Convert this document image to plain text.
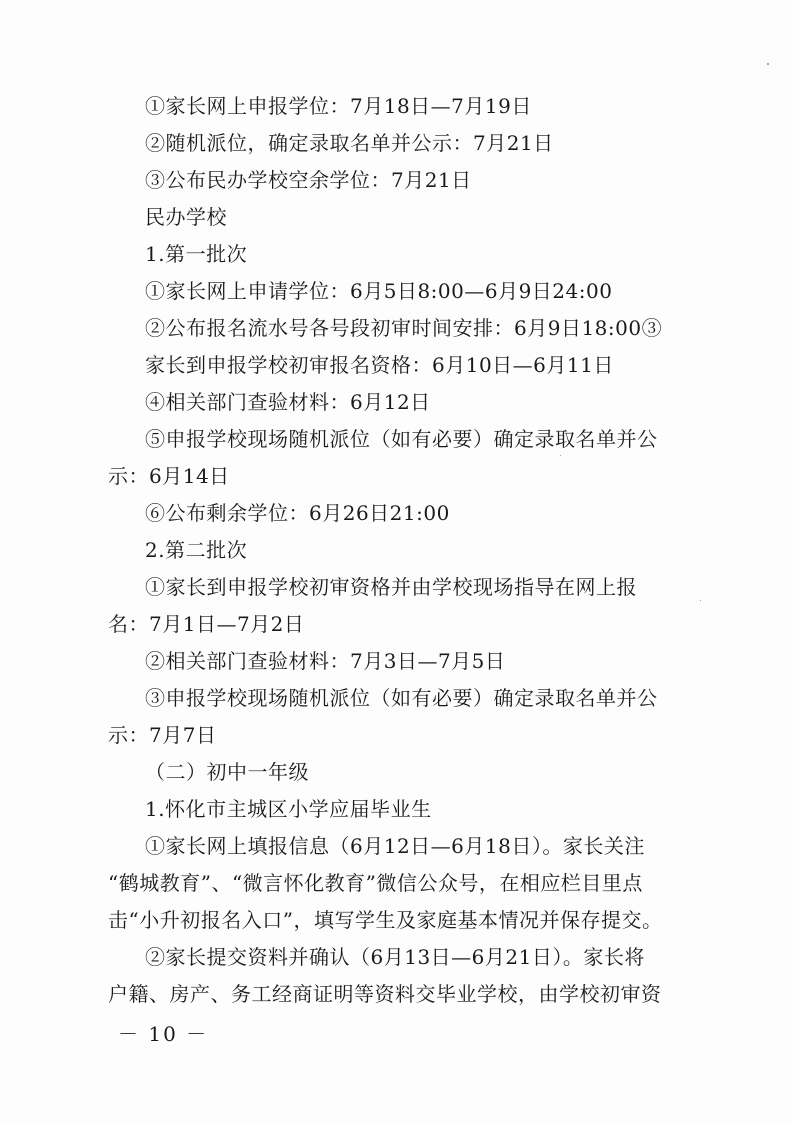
①家长网上申报学位：7月18日—7月19日
②随机派位，确定录取名单并公示：7月21日
③公布民办学校空余学位：7月21日
民办学校
1.第一批次
①家长网上申请学位：6月5日8:00—6月9日24:00
②公布报名流水号各号段初审时间安排：6月9日18:00③
家长到申报学校初审报名资格：6月10日—6月11日
④相关部门查验材料：6月12日
⑤申报学校现场随机派位（如有必要）确定录取名单并公
示：6月14日
⑥公布剩余学位：6月26日21:00
2.第二批次
①家长到申报学校初审资格并由学校现场指导在网上报
名：7月1日—7月2日
②相关部门查验材料：7月3日—7月5日
③申报学校现场随机派位（如有必要）确定录取名单并公
示：7月7日
（二）初中一年级
1.怀化市主城区小学应届毕业生
①家长网上填报信息（6月12日—6月18日）。家长关注
“鹤城教育”、“微言怀化教育”微信公众号，在相应栏目里点
击“小升初报名入口”，填写学生及家庭基本情况并保存提交。
②家长提交资料并确认（6月13日—6月21日）。家长将
户籍、房产、务工经商证明等资料交毕业学校，由学校初审资
－ 10 －
